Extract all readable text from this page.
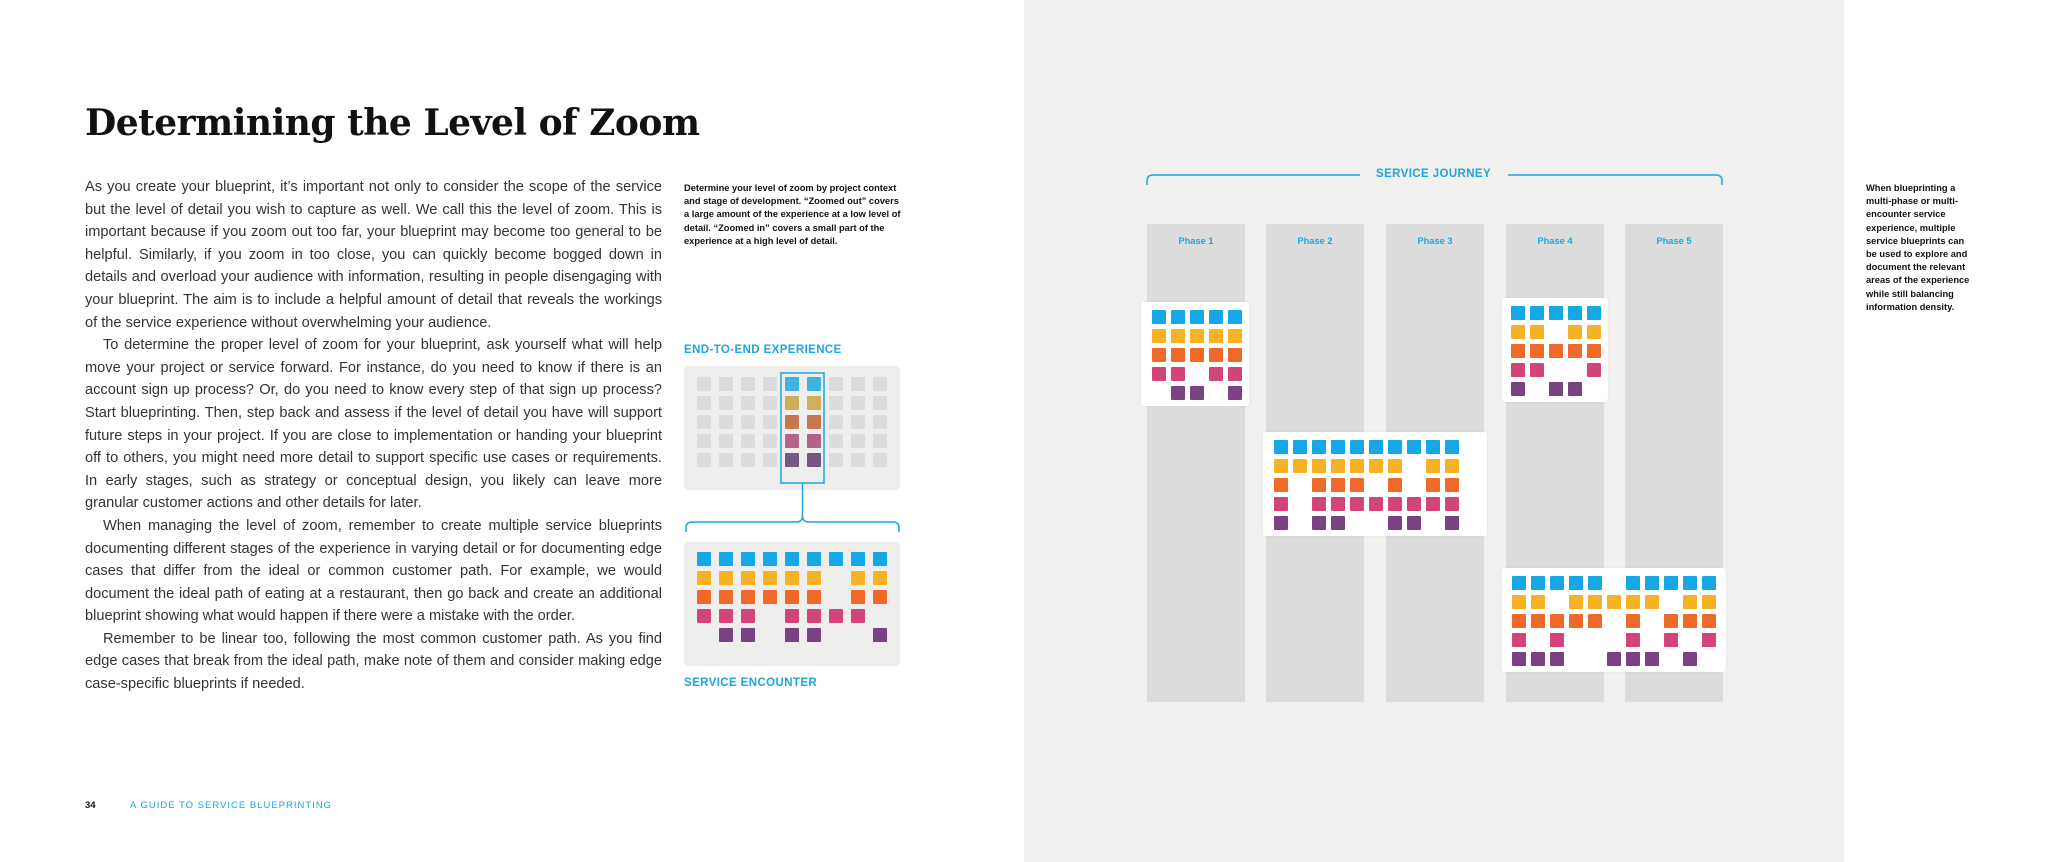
Determining the Level of Zoom

As you create your blueprint, it’s important not only to consider the scope of the service but the level of detail you wish to capture as well. We call this the level of zoom. This is important because if you zoom out too far, your blueprint may become too general to be helpful. Similarly, if you zoom in too close, you can quickly become bogged down in details and overload your audience with information, resulting in people disengaging with your blueprint. The aim is to include a helpful amount of detail that reveals the workings of the service experience without overwhelming your audience.

To determine the proper level of zoom for your blueprint, ask yourself what will help move your project or service forward. For instance, do you need to know if there is an account sign up process? Or, do you need to know every step of that sign up process? Start blueprinting. Then, step back and assess if the level of detail you have will support future steps in your project. If you are close to implementation or handing your blueprint off to others, you might need more detail to support specific use cases or requirements. In early stages, such as strategy or conceptual design, you likely can leave more granular customer actions and other details for later.

When managing the level of zoom, remember to create multiple service blueprints documenting different stages of the experience in varying detail or for documenting edge cases that differ from the ideal or common customer path. For example, we would document the ideal path of eating at a restaurant, then go back and create an additional blueprint showing what would happen if there were a mistake with the order.

Remember to be linear too, following the most common customer path. As you find edge cases that break from the ideal path, make note of them and consider making edge case-specific blueprints if needed.

Determine your level of zoom by project context and stage of development. “Zoomed out” covers a large amount of the experience at a low level of detail. “Zoomed in” covers a small part of the experience at a high level of detail.
END-TO-END EXPERIENCE
SERVICE ENCOUNTER
SERVICE JOURNEY
Phase 1	Phase 2	Phase 3	Phase 4	Phase 5
When blueprinting a multi-phase or multi-encounter service experience, multiple service blueprints can be used to explore and document the relevant areas of the experience while still balancing information density.
34	A GUIDE TO SERVICE BLUEPRINTING
